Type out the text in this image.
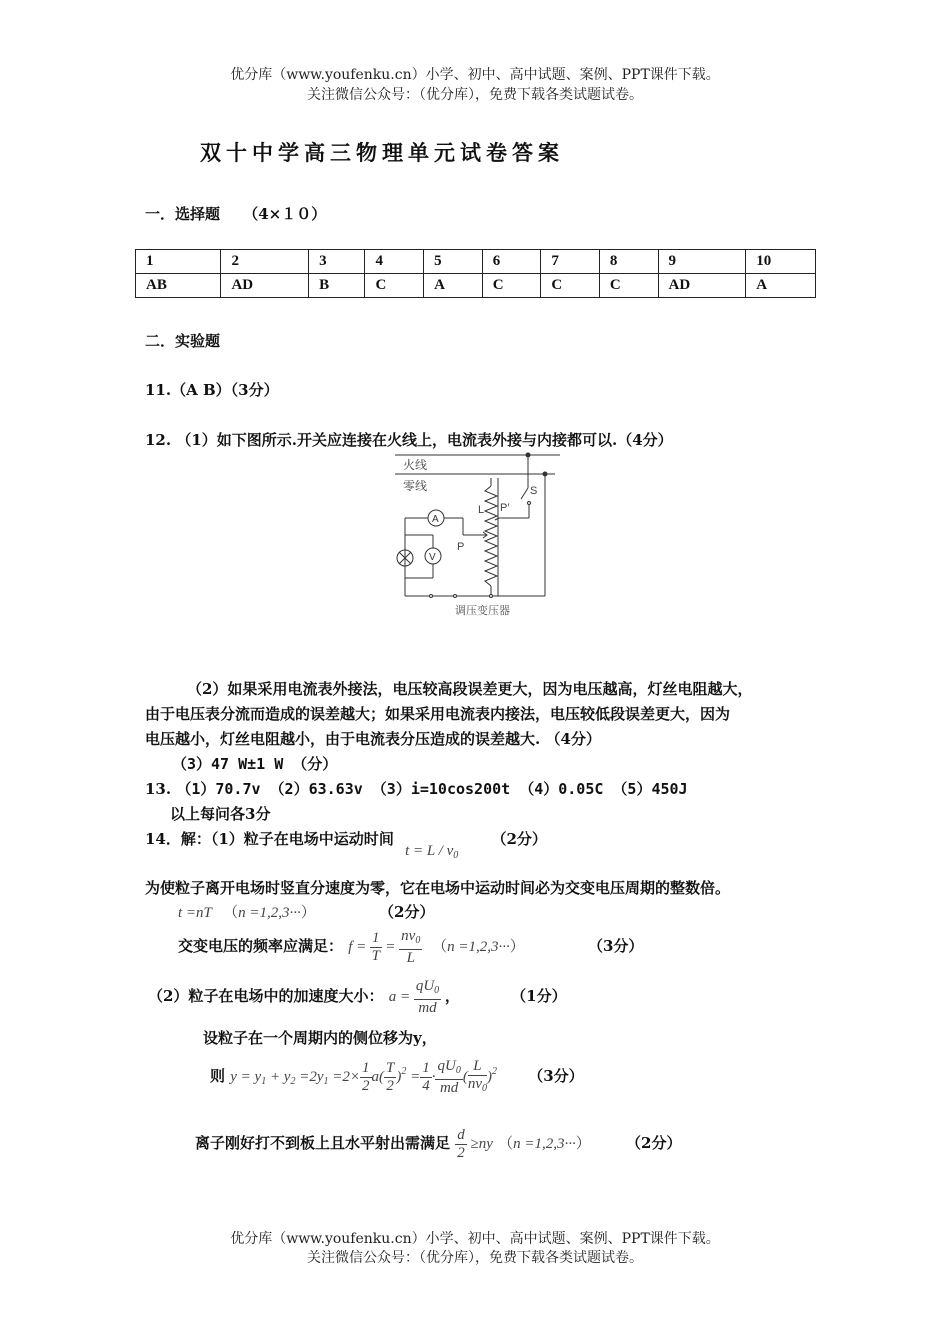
优分库（www.youfenku.cn）小学、初中、高中试题、案例、PPT课件下载。
关注微信公众号：（优分库），免费下载各类试题试卷。
双十中学高三物理单元试卷答案
一．选择题 （4×１０）
1	2	3	4	5	6	7	8	9	10
AB	AD	B	C	A	C	C	C	AD	A
二．实验题
11.（A B）（3分）
12. （1）如下图所示.开关应连接在火线上，电流表外接与内接都可以.（4分）
火线
零线	S
L P′
调压变压器
A
P
V
（2）如果采用电流表外接法，电压较高段误差更大，因为电压越高，灯丝电阻越大，
由于电压表分流而造成的误差越大；如果采用电流表内接法，电压较低段误差更大，因为
电压越小，灯丝电阻越小，由于电流表分压造成的误差越大. （4分）
（3）47 W±1 W （分）
13. （1）70.7v （2）63.63v （3）i=10cos200t （4）0.05C （5）450J
以上每问各3分
14．解：（1）粒子在电场中运动时间 $t = L / v_0$ （2分）
为使粒子离开电场时竖直分速度为零，它在电场中运动时间必为交变电压周期的整数倍。
t =nT （n =1,2,3···）	（2分）
交变电压的频率应满足： $f = \frac{1}{T} = \frac{nv_0}{L} (n =1,2,3\cdot\cdot\cdot)$	（3分）
（2）粒子在电场中的加速度大小： $a = \frac{qU_0}{md}$ ，	（1分）
设粒子在一个周期内的侧位移为y，
则 $y = y_1 + y_2 =2y_1 =2\times \frac{1}{2} a( \frac{T}{2} )^2 = \frac{1}{4} \cdot \frac{qU_0}{md}$ ( $\frac{L}{nv_0} )^2$ （3分）
离子刚好打不到板上且水平射出需满足 $\frac{d}{2} \ge ny$ （n =1,2,3···） （2分）
优分库（www.youfenku.cn）小学、初中、高中试题、案例、PPT课件下载。
关注微信公众号：（优分库），免费下载各类试题试卷。
